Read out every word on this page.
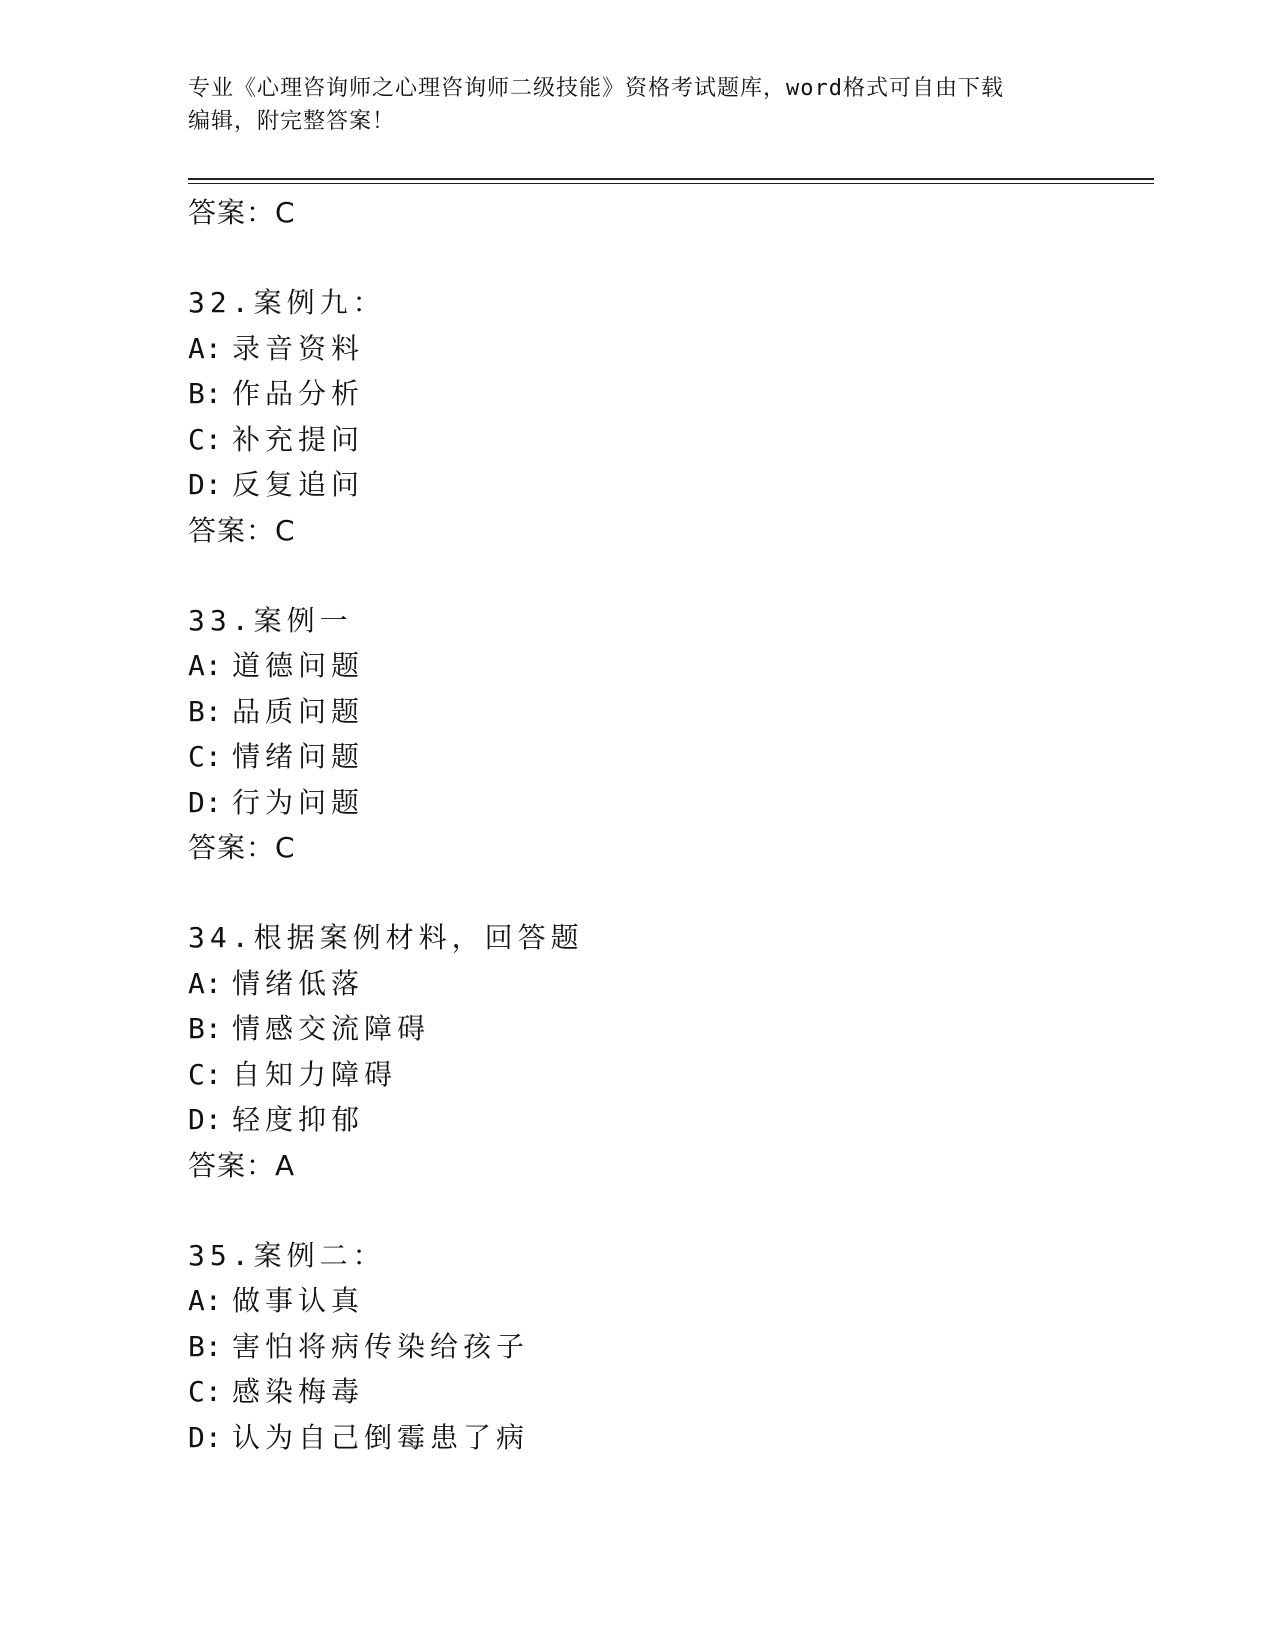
专业《心理咨询师之心理咨询师二级技能》资格考试题库，word格式可自由下载
编辑，附完整答案！
答案：C
32.案例九：
A: 录音资料
B: 作品分析
C: 补充提问
D: 反复追问
答案：C
33.案例一
A: 道德问题
B: 品质问题
C: 情绪问题
D: 行为问题
答案：C
34.根据案例材料，回答题
A: 情绪低落
B: 情感交流障碍
C: 自知力障碍
D: 轻度抑郁
答案：A
35.案例二：
A: 做事认真
B: 害怕将病传染给孩子
C: 感染梅毒
D: 认为自己倒霉患了病
